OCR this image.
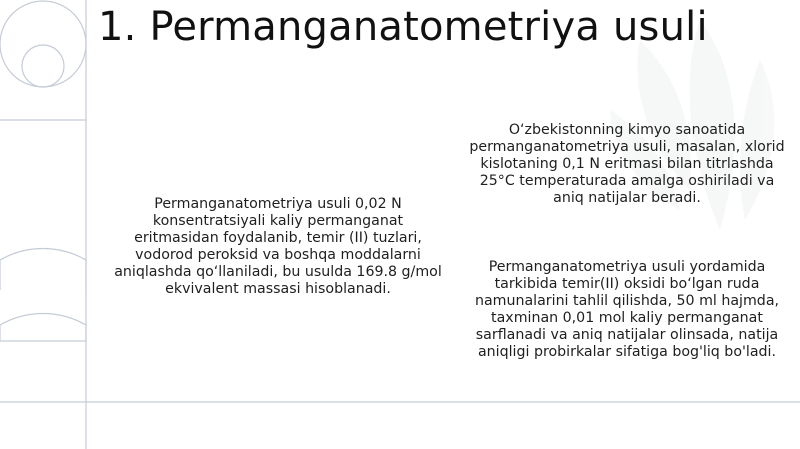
1. Permanganatometriya usuli

Permanganatometriya usuli 0,02 N
konsentratsiyali kaliy permanganat
eritmasidan foydalanib, temir (II) tuzlari,
vodorod peroksid va boshqa moddalarni
aniqlashda qo‘llaniladi, bu usulda 169.8 g/mol
ekvivalent massasi hisoblanadi.

O‘zbekistonning kimyo sanoatida
permanganatometriya usuli, masalan, xlorid
kislotaning 0,1 N eritmasi bilan titrlashda
25°C temperaturada amalga oshiriladi va
aniq natijalar beradi.

Permanganatometriya usuli yordamida
tarkibida temir(II) oksidi bo‘lgan ruda
namunalarini tahlil qilishda, 50 ml hajmda,
taxminan 0,01 mol kaliy permanganat
sarflanadi va aniq natijalar olinsada, natija
aniqligi probirkalar sifatiga bog'liq bo'ladi.
